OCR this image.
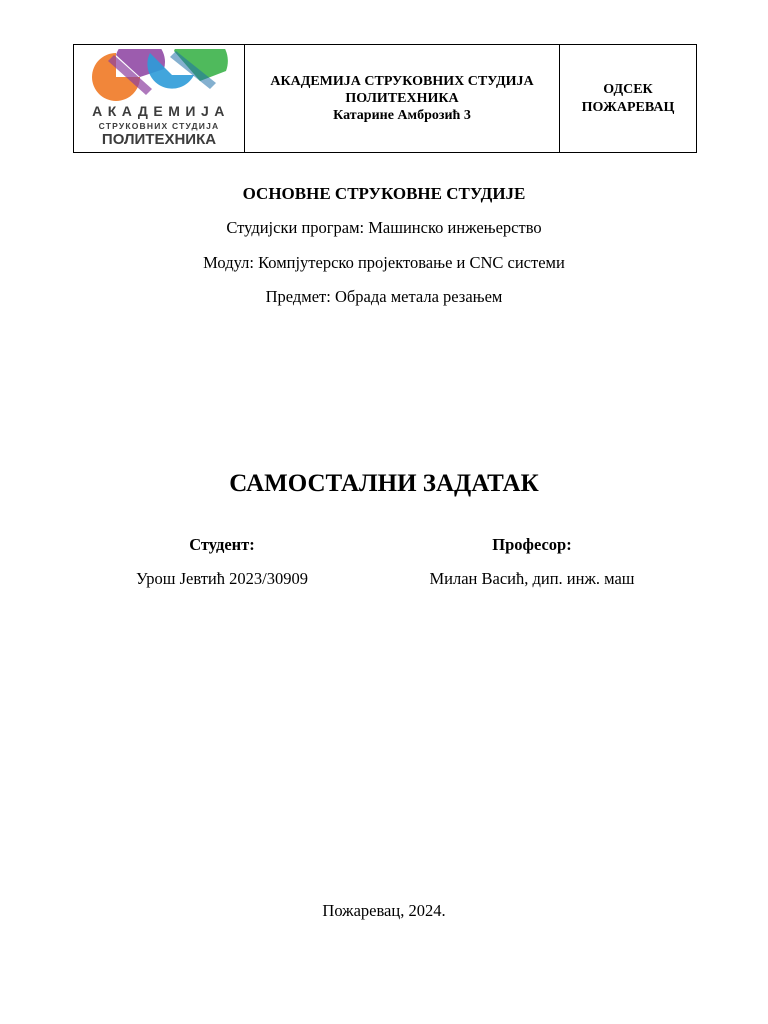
АКАДЕМИЈА
СТРУКОВНИХ СТУДИЈА
ПОЛИТЕХНИКА

АКАДЕМИЈА СТРУКОВНИХ СТУДИЈА
ПОЛИТЕХНИКА
Катарине Амброзић 3

ОДСЕК
ПОЖАРЕВАЦ
ОСНОВНЕ СТРУКОВНЕ СТУДИЈЕ
Студијски програм: Машинско инжењерство
Модул: Компјутерско пројектовање и CNC системи
Предмет: Обрада метала резањем
САМОСТАЛНИ ЗАДАТАК
Студент:
Урош Јевтић 2023/30909
Професор:
Милан Васић, дип. инж. маш
Пожаревац, 2024.
